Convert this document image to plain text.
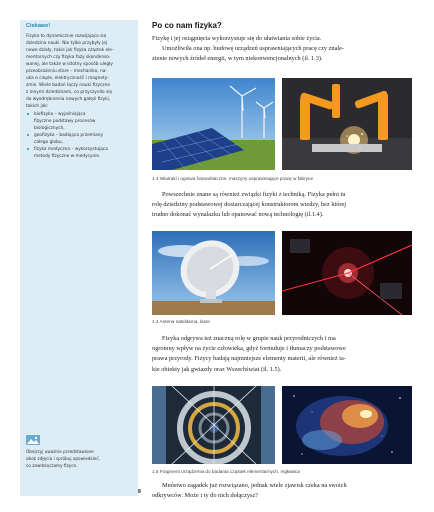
Ciekawe!

Fizyka to dynamicznie rozwijająca się
dziedzina nauki. Nie tylko przybyły jej
nowe działy, takie jak fizyka cząstek ele-
mentarnych czy fizyka fazy skondenso-
wanej, ale także w istotny sposób uległy
przeobrażeniu stare – mechanika, na-
uka o cieple, elektryczność i magnety-
zmie. Wiele badań łączy nauki fizyczne
z innymi dziedzinami, co przyczyniło się
do wyodrębnienia nowych gałęzi fizyki,
takich jak:

biofizyka – wyjaśniająca
fizyczne podstawy procesów
biologicznych,
geofizyka – badająca przemiany
całego globu,
fizyka medyczna – wykorzystująca
metody fizyczne w medycynie.
Obejrzyj uważnie przedstawione
obok zdjęcia i spróbuj opowiedzieć,
co zawdzięczamy fizyce.
Po co nam fizyka?

Fizykę i jej osiągnięcia wykorzystuje się do ułatwiania sobie życia.
Umożliwiła ona np. budowę urządzeń usprawniających pracę czy znale-
zienie nowych źródeł energii, w tym niekonwencjonalnych (il. 1.3).

1.3 Wiatraki i ogniwa fotowoltaiczne, maszyny usprawniające pracę w fabryce

Powszechnie znane są również związki fizyki z techniką. Fizyka pełni tu
rolę dziedziny podstawowej dostarczającej konstruktorom wiedzy, bez której
trudno dokonać wynalazku lub opanować nową technologię (il.1.4).

1.4 Antena satelitarna, laser

Fizyka odgrywa też znaczną rolę w grupie nauk przyrodniczych i ma
ogromny wpływ na życie człowieka, gdyż formułuje i tłumaczy podstawowe
prawa przyrody. Fizycy badają najmniejsze elementy materii, ale również ta-
kie obiekty jak gwiazdy oraz Wszechświat (il. 1.5).

1.5 Fragment urządzenia do badania cząstek elementarnych, mgławica

Mnóstwo zagadek już rozwiązano, jednak wiele zjawisk czeka na swoich
odkrywców. Może i ty do nich dołączysz?

8
